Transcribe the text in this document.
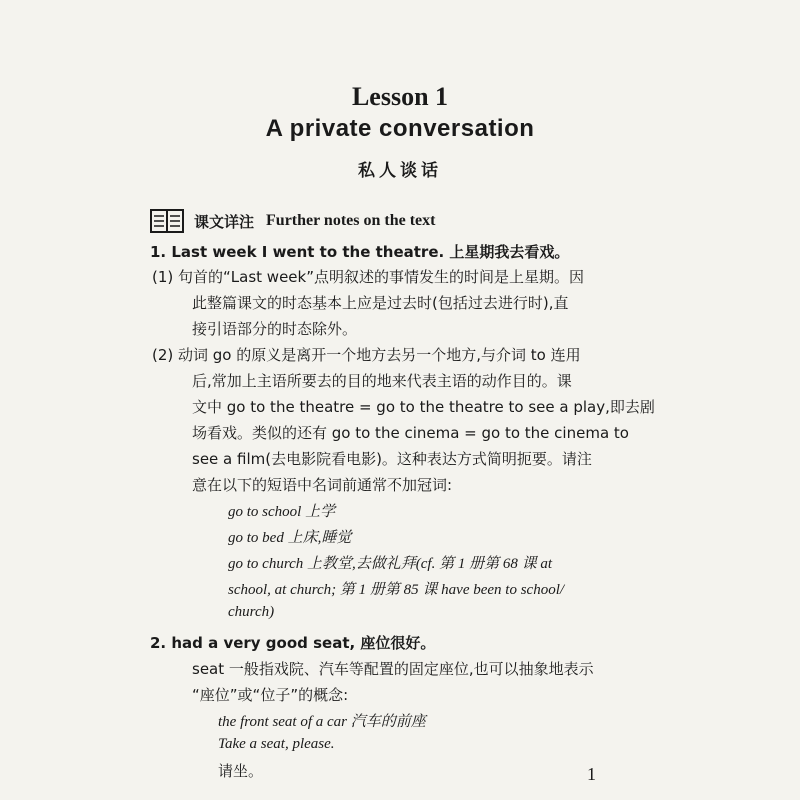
Lesson 1
A private conversation
私人谈话
课文详注 Further notes on the text
1. Last week I went to the theatre. 上星期我去看戏。
(1) 句首的“Last week”点明叙述的事情发生的时间是上星期。因
此整篇课文的时态基本上应是过去时(包括过去进行时),直
接引语部分的时态除外。
(2) 动词 go 的原义是离开一个地方去另一个地方,与介词 to 连用
后,常加上主语所要去的目的地来代表主语的动作目的。课
文中 go to the theatre = go to the theatre to see a play,即去剧
场看戏。类似的还有 go to the cinema = go to the cinema to
see a film(去电影院看电影)。这种表达方式简明扼要。请注
意在以下的短语中名词前通常不加冠词:
go to school 上学
go to bed 上床,睡觉
go to church 上教堂,去做礼拜(cf. 第 1 册第 68 课 at
school, at church; 第 1 册第 85 课 have been to school/
church)
2. had a very good seat, 座位很好。
seat 一般指戏院、汽车等配置的固定座位,也可以抽象地表示
“座位”或“位子”的概念:
the front seat of a car 汽车的前座
Take a seat, please.
请坐。	1
